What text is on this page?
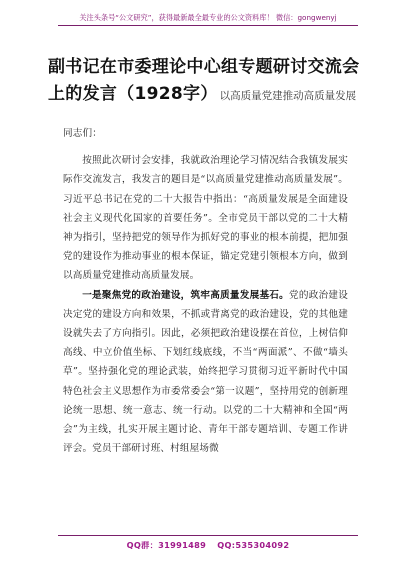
关注头条号“公文研究”，获得最新最全最专业的公文资料库！ 微信：gongwenyj
副书记在市委理论中心组专题研讨交流会上的发言（1928字） 以高质量党建推动高质量发展

同志们：

按照此次研讨会安排，我就政治理论学习情况结合我镇发展实际作交流发言，我发言的题目是“以高质量党建推动高质量发展”。习近平总书记在党的二十大报告中指出：“高质量发展是全面建设社会主义现代化国家的首要任务”。全市党员干部以党的二十大精神为指引，坚持把党的领导作为抓好党的事业的根本前提，把加强党的建设作为推动事业的根本保证，锚定党建引领根本方向，做到以高质量党建推动高质量发展。

一是聚焦党的政治建设，筑牢高质量发展基石。党的政治建设决定党的建设方向和效果，不抓或背离党的政治建设，党的其他建设就失去了方向指引。因此，必须把政治建设摆在首位，上树信仰高线、中立价值坐标、下划红线底线，不当“两面派”、不做“墙头草”。坚持强化党的理论武装，始终把学习贯彻习近平新时代中国特色社会主义思想作为市委常委会“第一议题”，坚持用党的创新理论统一思想、统一意志、统一行动。以党的二十大精神和全国“两会”为主线，扎实开展主题讨论、青年干部专题培训、专题工作讲评会。党员干部研讨班、村组屋场微

QQ群：31991489 QQ:535304092
